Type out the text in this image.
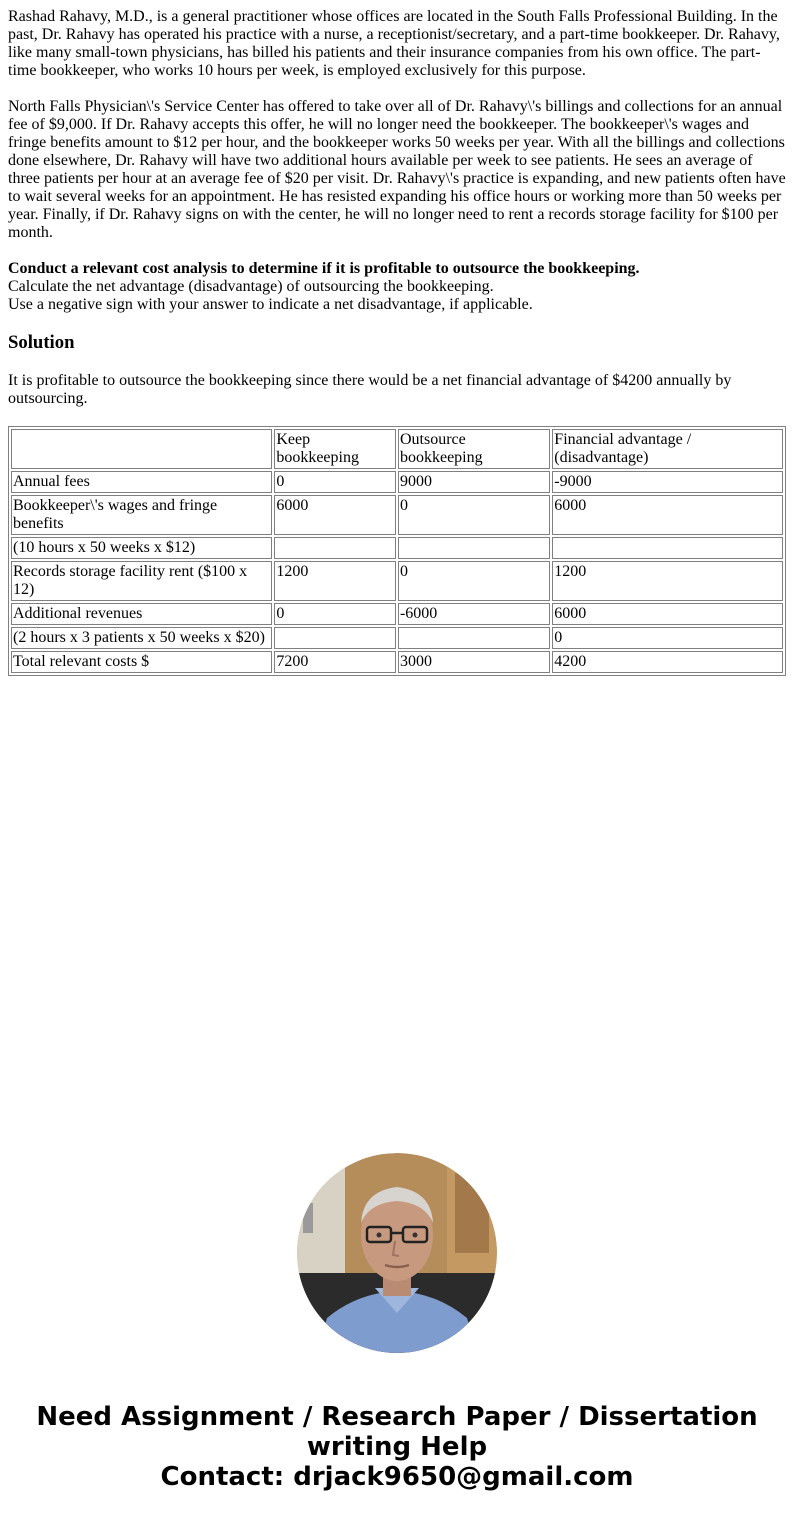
Rashad Rahavy, M.D., is a general practitioner whose offices are located in the South Falls Professional Building. In the past, Dr. Rahavy has operated his practice with a nurse, a receptionist/secretary, and a part-time bookkeeper. Dr. Rahavy, like many small-town physicians, has billed his patients and their insurance companies from his own office. The part-time bookkeeper, who works 10 hours per week, is employed exclusively for this purpose.

North Falls Physician\'s Service Center has offered to take over all of Dr. Rahavy\'s billings and collections for an annual fee of $9,000. If Dr. Rahavy accepts this offer, he will no longer need the bookkeeper. The bookkeeper\'s wages and fringe benefits amount to $12 per hour, and the bookkeeper works 50 weeks per year. With all the billings and collections done elsewhere, Dr. Rahavy will have two additional hours available per week to see patients. He sees an average of three patients per hour at an average fee of $20 per visit. Dr. Rahavy\'s practice is expanding, and new patients often have to wait several weeks for an appointment. He has resisted expanding his office hours or working more than 50 weeks per year. Finally, if Dr. Rahavy signs on with the center, he will no longer need to rent a records storage facility for $100 per month.

Conduct a relevant cost analysis to determine if it is profitable to outsource the bookkeeping.
Calculate the net advantage (disadvantage) of outsourcing the bookkeeping.
Use a negative sign with your answer to indicate a net disadvantage, if applicable.

Solution

It is profitable to outsource the bookkeeping since there would be a net financial advantage of $4200 annually by outsourcing.

	Keep bookkeeping	Outsource bookkeeping	Financial advantage / (disadvantage)
Annual fees	0	9000	-9000
Bookkeeper\'s wages and fringe benefits	6000	0	6000
(10 hours x 50 weeks x $12)			
Records storage facility rent ($100 x 12)	1200	0	1200
Additional revenues	0	-6000	6000
(2 hours x 3 patients x 50 weeks x $20)			0
Total relevant costs $	7200	3000	4200
Need Assignment / Research Paper / Dissertation
writing Help
Contact: drjack9650@gmail.com
